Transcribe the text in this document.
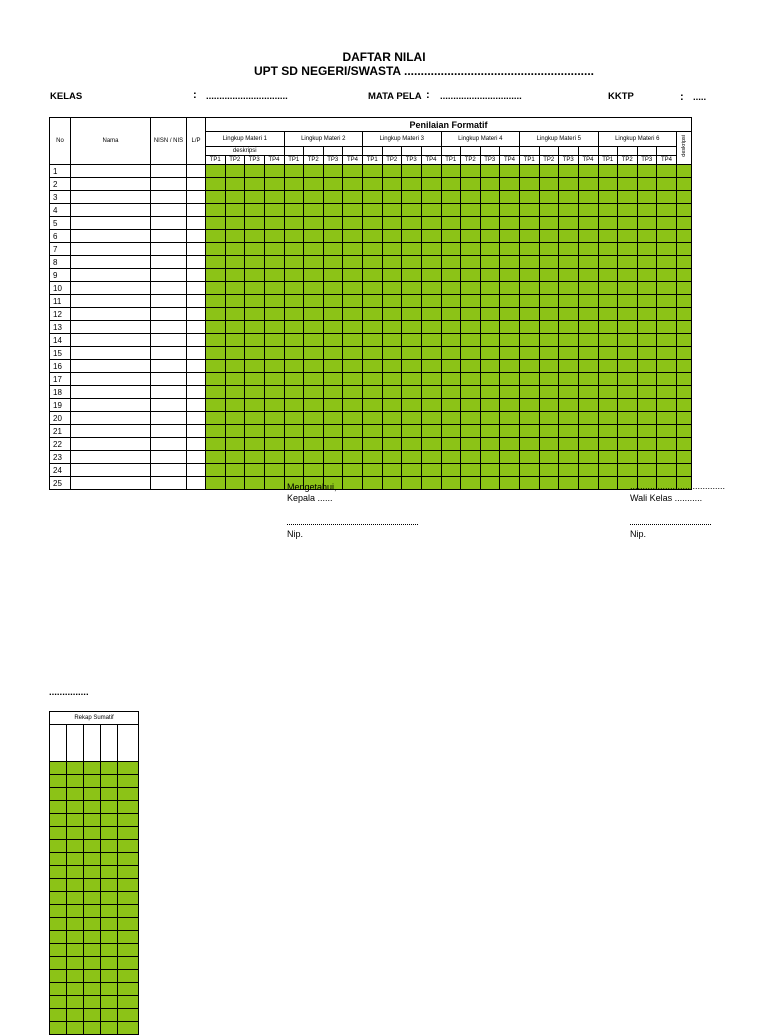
DAFTAR NILAI
UPT SD NEGERI/SWASTA .........................................................
KELAS	: ...............................	MATA PELA : ...............................	KKTP	: .....
No	Nama	NISN / NIS	L/P	Penilaian Formatif																								
				Lingkup Materi 1				Lingkup Materi 2				Lingkup Materi 3				Lingkup Materi 4				Lingkup Materi 5				Lingkup Materi 6				deskripsi
				deskripsi																								
				TP1	TP2	TP3	TP4	TP1	TP2	TP3	TP4	TP1	TP2	TP3	TP4	TP1	TP2	TP3	TP4	TP1	TP2	TP3	TP4	TP1	TP2	TP3	TP4	
1																												
2																												
3																												
4																												
5																												
6																												
7																												
8																												
9																												
10																												
11																												
12																												
13																												
14																												
15																												
16																												
17																												
18																												
19																												
20																												
21																												
22																												
23																												
24																												
25																													Mengetahui,
Kepala ......
Nip.
......................................
Wali Kelas ...........
Nip.
...............
Rekap Sumatif				
